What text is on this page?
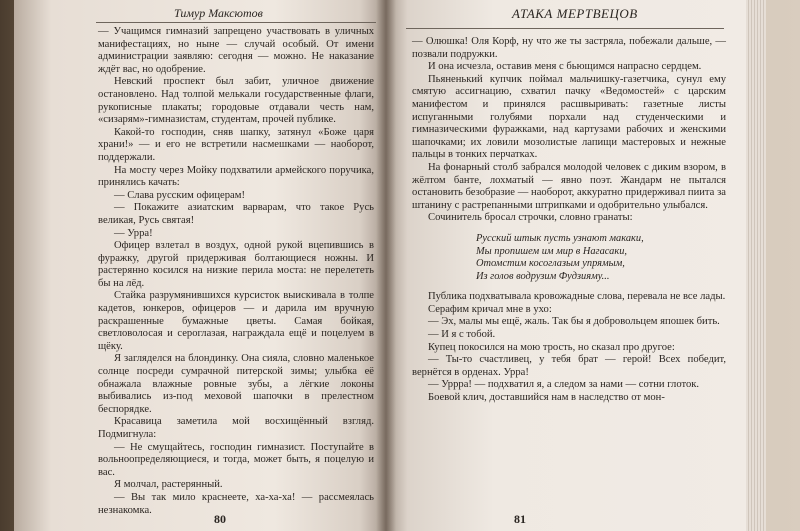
Тимур Максютов

— Учащимся гимназий запрещено участвовать в уличных манифестациях, но ныне — случай особый. От имени администрации заявляю: сегодня — можно. Не наказание ждёт вас, но одобрение.

Невский проспект был забит, уличное движение остановлено. Над толпой мелькали государственные флаги, рукописные плакаты; городовые отдавали честь нам, «сизарям»-гимназистам, студентам, прочей публике.

Какой-то господин, сняв шапку, затянул «Боже царя храни!» — и его не встретили насмешками — наоборот, поддержали.

На мосту через Мойку подхватили армейского поручика, принялись качать:

— Слава русским офицерам!

— Покажите азиатским варварам, что такое Русь великая, Русь святая!

— Урра!

Офицер взлетал в воздух, одной рукой вцепившись в фуражку, другой придерживая болтающиеся ножны. И растерянно косился на низкие перила моста: не перелететь бы на лёд.

Стайка разрумянившихся курсисток выискивала в толпе кадетов, юнкеров, офицеров — и дарила им вручную раскрашенные бумажные цветы. Самая бойкая, светловолосая и сероглазая, награждала ещё и поцелуем в щёку.

Я загляделся на блондинку. Она сияла, словно маленькое солнце посреди сумрачной питерской зимы; улыбка её обнажала влажные ровные зубы, а лёгкие локоны выбивались из-под меховой шапочки в прелестном беспорядке.

Красавица заметила мой восхищённый взгляд. Подмигнула:

— Не смущайтесь, господин гимназист. Поступайте в вольноопределяющиеся, и тогда, может быть, я поцелую и вас.

Я молчал, растерянный.

— Вы так мило краснеете, ха-ха-ха! — рассмеялась незнакомка.

80
АТАКА МЕРТВЕЦОВ

— Олюшка! Оля Корф, ну что же ты застряла, побежали дальше, — позвали подружки.

И она исчезла, оставив меня с бьющимся напрасно сердцем.

Пьяненький купчик поймал мальчишку-газетчика, сунул ему смятую ассигнацию, схватил пачку «Ведомостей» с царским манифестом и принялся расшвыривать: газетные листы испуганными голубями порхали над студенческими и гимназическими фуражками, над картузами рабочих и женскими шапочками; их ловили мозолистые лапищи мастеровых и нежные пальцы в тонких перчатках.

На фонарный столб забрался молодой человек с диким взором, в жёлтом банте, лохматый — явно поэт. Жандарм не пытался остановить безобразие — наоборот, аккуратно придерживал пиита за штанину с растрепанными штрипками и одобрительно улыбался.

Сочинитель бросал строчки, словно гранаты:

Русский штык пусть узнают макаки,
Мы пропишем им мир в Нагасаки,
Отомстим косоглазым упрямым,
Из голов водрузим Фудзияму...

Публика подхватывала кровожадные слова, перевала не все лады.

Серафим кричал мне в ухо:

— Эх, малы мы ещё, жаль. Так бы я добровольцем япошек бить.

— И я с тобой.

Купец покосился на мою трость, но сказал про другое:

— Ты-то счастливец, у тебя брат — герой! Всех победит, вернётся в орденах. Урра!

— Урррa! — подхватил я, а следом за нами — сотни глоток.

Боевой клич, доставшийся нам в наследство от мон-

81
